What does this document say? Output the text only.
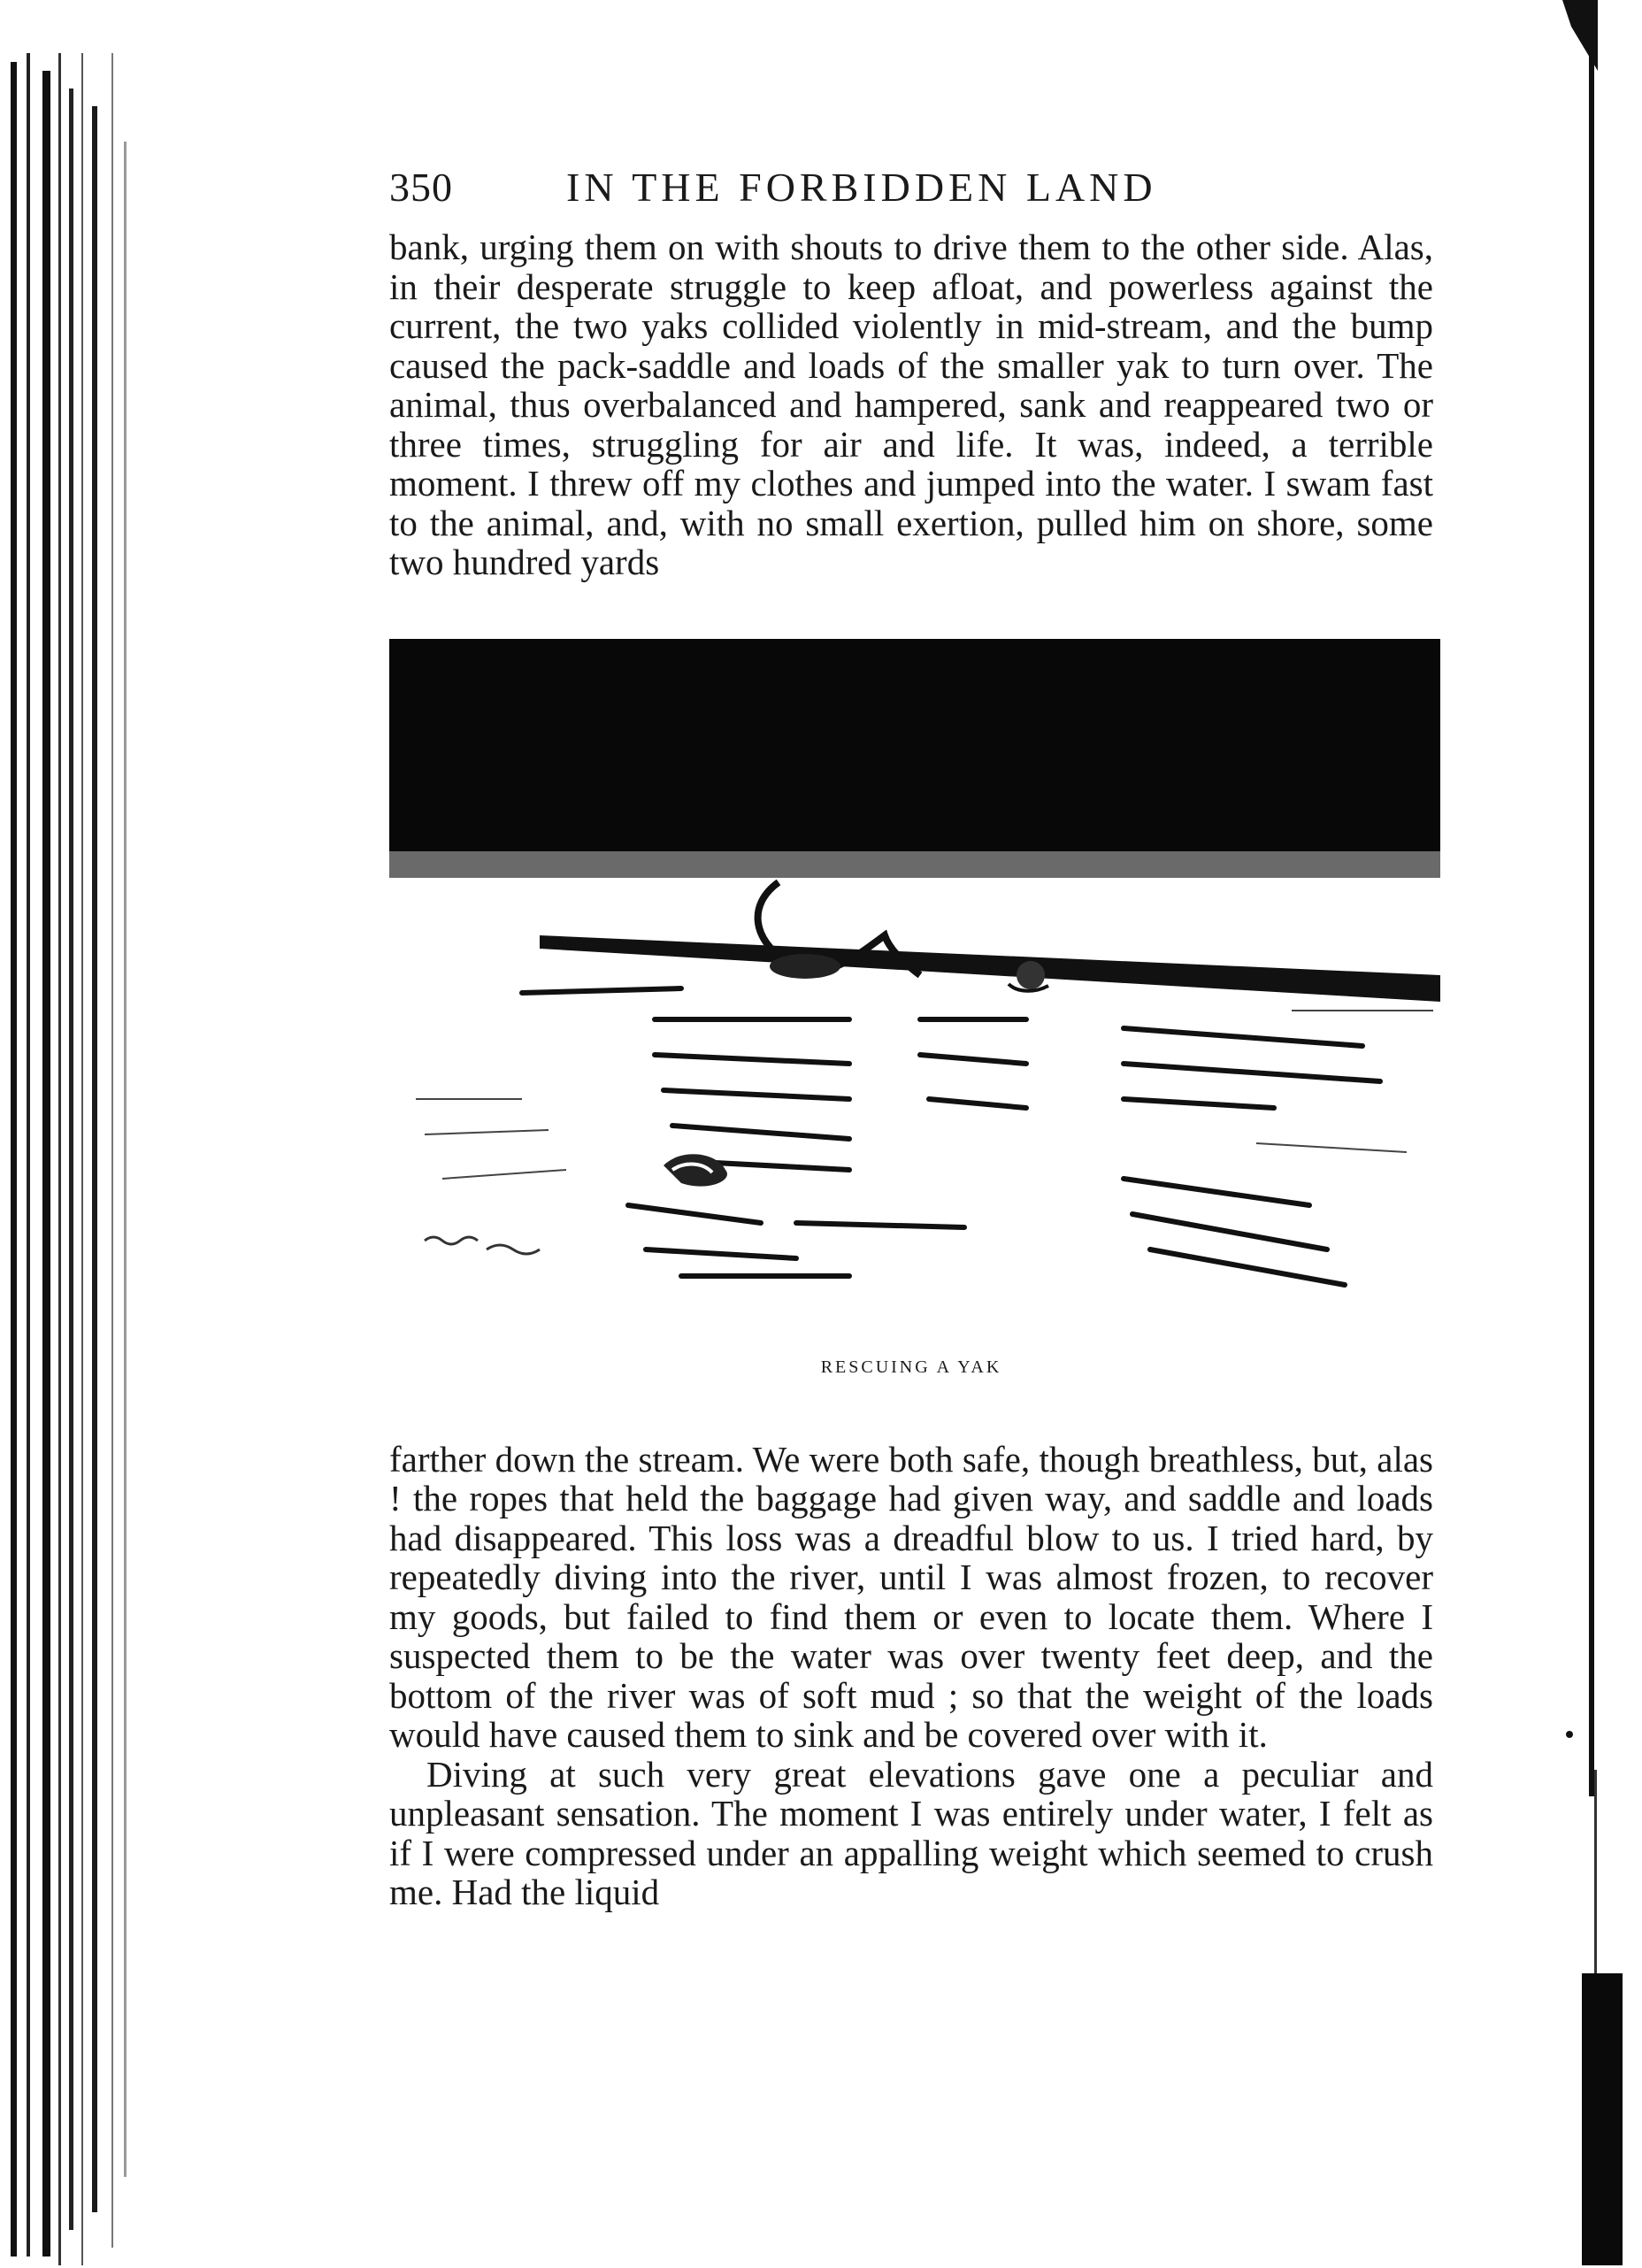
350	IN THE FORBIDDEN LAND

bank, urging them on with shouts to drive them to the other side. Alas, in their desperate struggle to keep afloat, and powerless against the current, the two yaks collided violently in mid-stream, and the bump caused the pack-saddle and loads of the smaller yak to turn over. The animal, thus overbalanced and hampered, sank and reappeared two or three times, struggling for air and life. It was, indeed, a terrible moment. I threw off my clothes and jumped into the water. I swam fast to the animal, and, with no small exertion, pulled him on shore, some two hundred yards

RESCUING A YAK

farther down the stream. We were both safe, though breathless, but, alas ! the ropes that held the baggage had given way, and saddle and loads had disappeared. This loss was a dreadful blow to us. I tried hard, by repeatedly diving into the river, until I was almost frozen, to recover my goods, but failed to find them or even to locate them. Where I suspected them to be the water was over twenty feet deep, and the bottom of the river was of soft mud ; so that the weight of the loads would have caused them to sink and be covered over with it.

Diving at such very great elevations gave one a peculiar and unpleasant sensation. The moment I was entirely under water, I felt as if I were compressed under an appalling weight which seemed to crush me. Had the liquid
